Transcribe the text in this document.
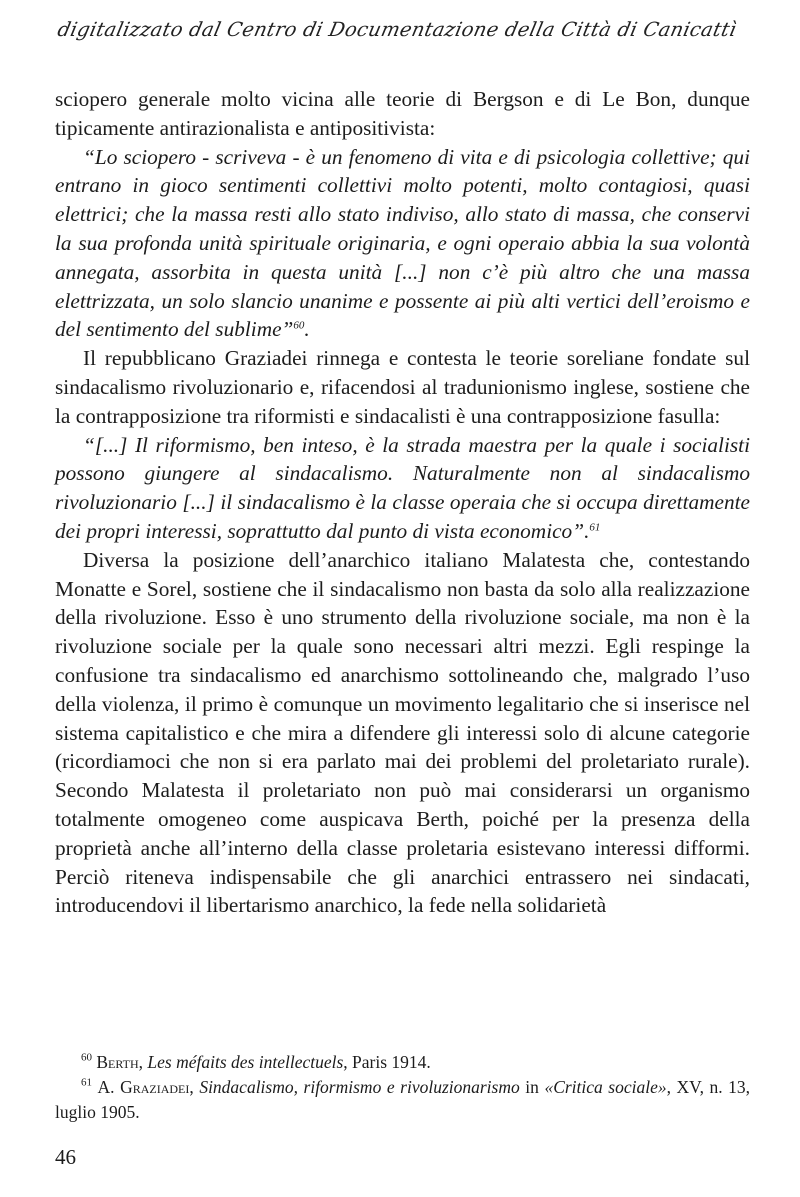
digitalizzato dal Centro di Documentazione della Città di Canicattì

sciopero generale molto vicina alle teorie di Bergson e di Le Bon, dunque tipicamente antirazionalista e antipositivista:

“Lo sciopero - scriveva - è un fenomeno di vita e di psicologia collettive; qui entrano in gioco sentimenti collettivi molto potenti, molto contagiosi, quasi elettrici; che la massa resti allo stato indiviso, allo stato di massa, che conservi la sua profonda unità spirituale originaria, e ogni operaio abbia la sua volontà annegata, assorbita in questa unità [...] non c’è più altro che una massa elettrizzata, un solo slancio unanime e possente ai più alti vertici dell’eroismo e del sentimento del sublime”$^{60}$.

Il repubblicano Graziadei rinnega e contesta le teorie soreliane fondate sul sindacalismo rivoluzionario e, rifacendosi al tradunionismo inglese, sostiene che la contrapposizione tra riformisti e sindacalisti è una contrapposizione fasulla:

“[...] Il riformismo, ben inteso, è la strada maestra per la quale i socialisti possono giungere al sindacalismo. Naturalmente non al sindacalismo rivoluzionario [...] il sindacalismo è la classe operaia che si occupa direttamente dei propri interessi, soprattutto dal punto di vista economico”.$^{61}$

Diversa la posizione dell’anarchico italiano Malatesta che, contestando Monatte e Sorel, sostiene che il sindacalismo non basta da solo alla realizzazione della rivoluzione. Esso è uno strumento della rivoluzione sociale, ma non è la rivoluzione sociale per la quale sono necessari altri mezzi. Egli respinge la confusione tra sindacalismo ed anarchismo sottolineando che, malgrado l’uso della violenza, il primo è comunque un movimento legalitario che si inserisce nel sistema capitalistico e che mira a difendere gli interessi solo di alcune categorie (ricordiamoci che non si era parlato mai dei problemi del proletariato rurale). Secondo Malatesta il proletariato non può mai considerarsi un organismo totalmente omogeneo come auspicava Berth, poiché per la presenza della proprietà anche all’interno della classe proletaria esistevano interessi difformi. Perciò riteneva indispensabile che gli anarchici entrassero nei sindacati, introducendovi il libertarismo anarchico, la fede nella solidarietà

$^{60}$ Berth, Les méfaits des intellectuels, Paris 1914.

$^{61}$ A. Graziadei, Sindacalismo, riformismo e rivoluzionarismo in «Critica sociale», XV, n. 13, luglio 1905.

46
